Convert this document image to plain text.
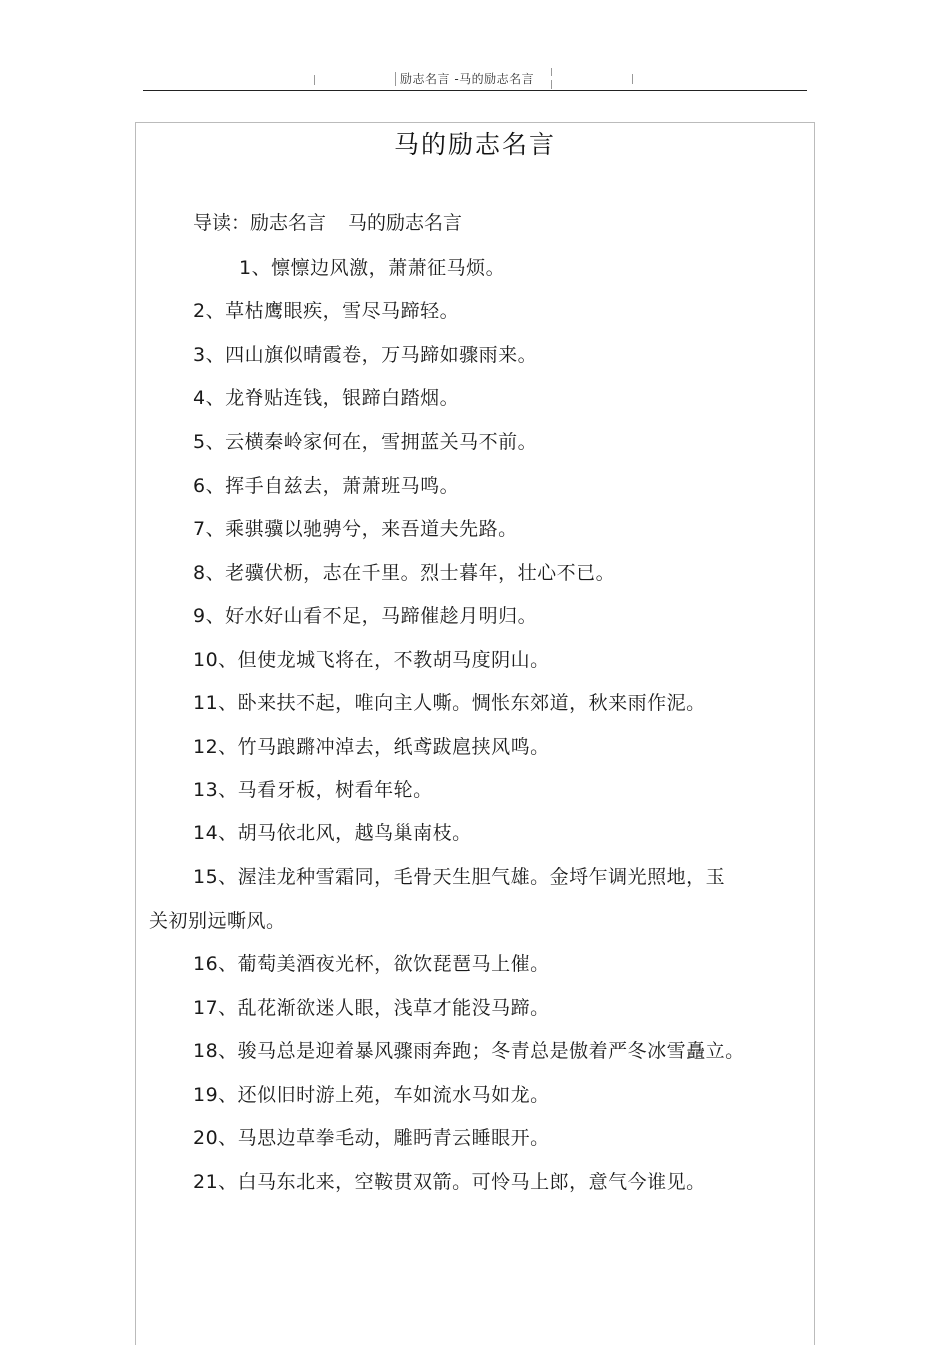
励志名言 -马的励志名言
马的励志名言
导读：励志名言 马的励志名言
1、懔懔边风激，萧萧征马烦。
2、草枯鹰眼疾，雪尽马蹄轻。
3、四山旗似晴霞卷，万马蹄如骤雨来。
4、龙脊贴连钱，银蹄白踏烟。
5、云横秦岭家何在，雪拥蓝关马不前。
6、挥手自兹去，萧萧班马鸣。
7、乘骐骥以驰骋兮，来吾道夫先路。
8、老骥伏枥，志在千里。烈士暮年，壮心不已。
9、好水好山看不足，马蹄催趁月明归。
10、但使龙城飞将在，不教胡马度阴山。
11、卧来扶不起，唯向主人嘶。惆怅东郊道，秋来雨作泥。
12、竹马踉蹡冲淖去，纸鸢跋扈挟风鸣。
13、马看牙板，树看年轮。
14、胡马依北风，越鸟巢南枝。
15、渥洼龙种雪霜同，毛骨天生胆气雄。金埒乍调光照地，玉
关初别远嘶风。
16、葡萄美酒夜光杯，欲饮琵琶马上催。
17、乱花渐欲迷人眼，浅草才能没马蹄。
18、骏马总是迎着暴风骤雨奔跑；冬青总是傲着严冬冰雪矗立。
19、还似旧时游上苑，车如流水马如龙。
20、马思边草拳毛动，雕眄青云睡眼开。
21、白马东北来，空鞍贯双箭。可怜马上郎，意气今谁见。
